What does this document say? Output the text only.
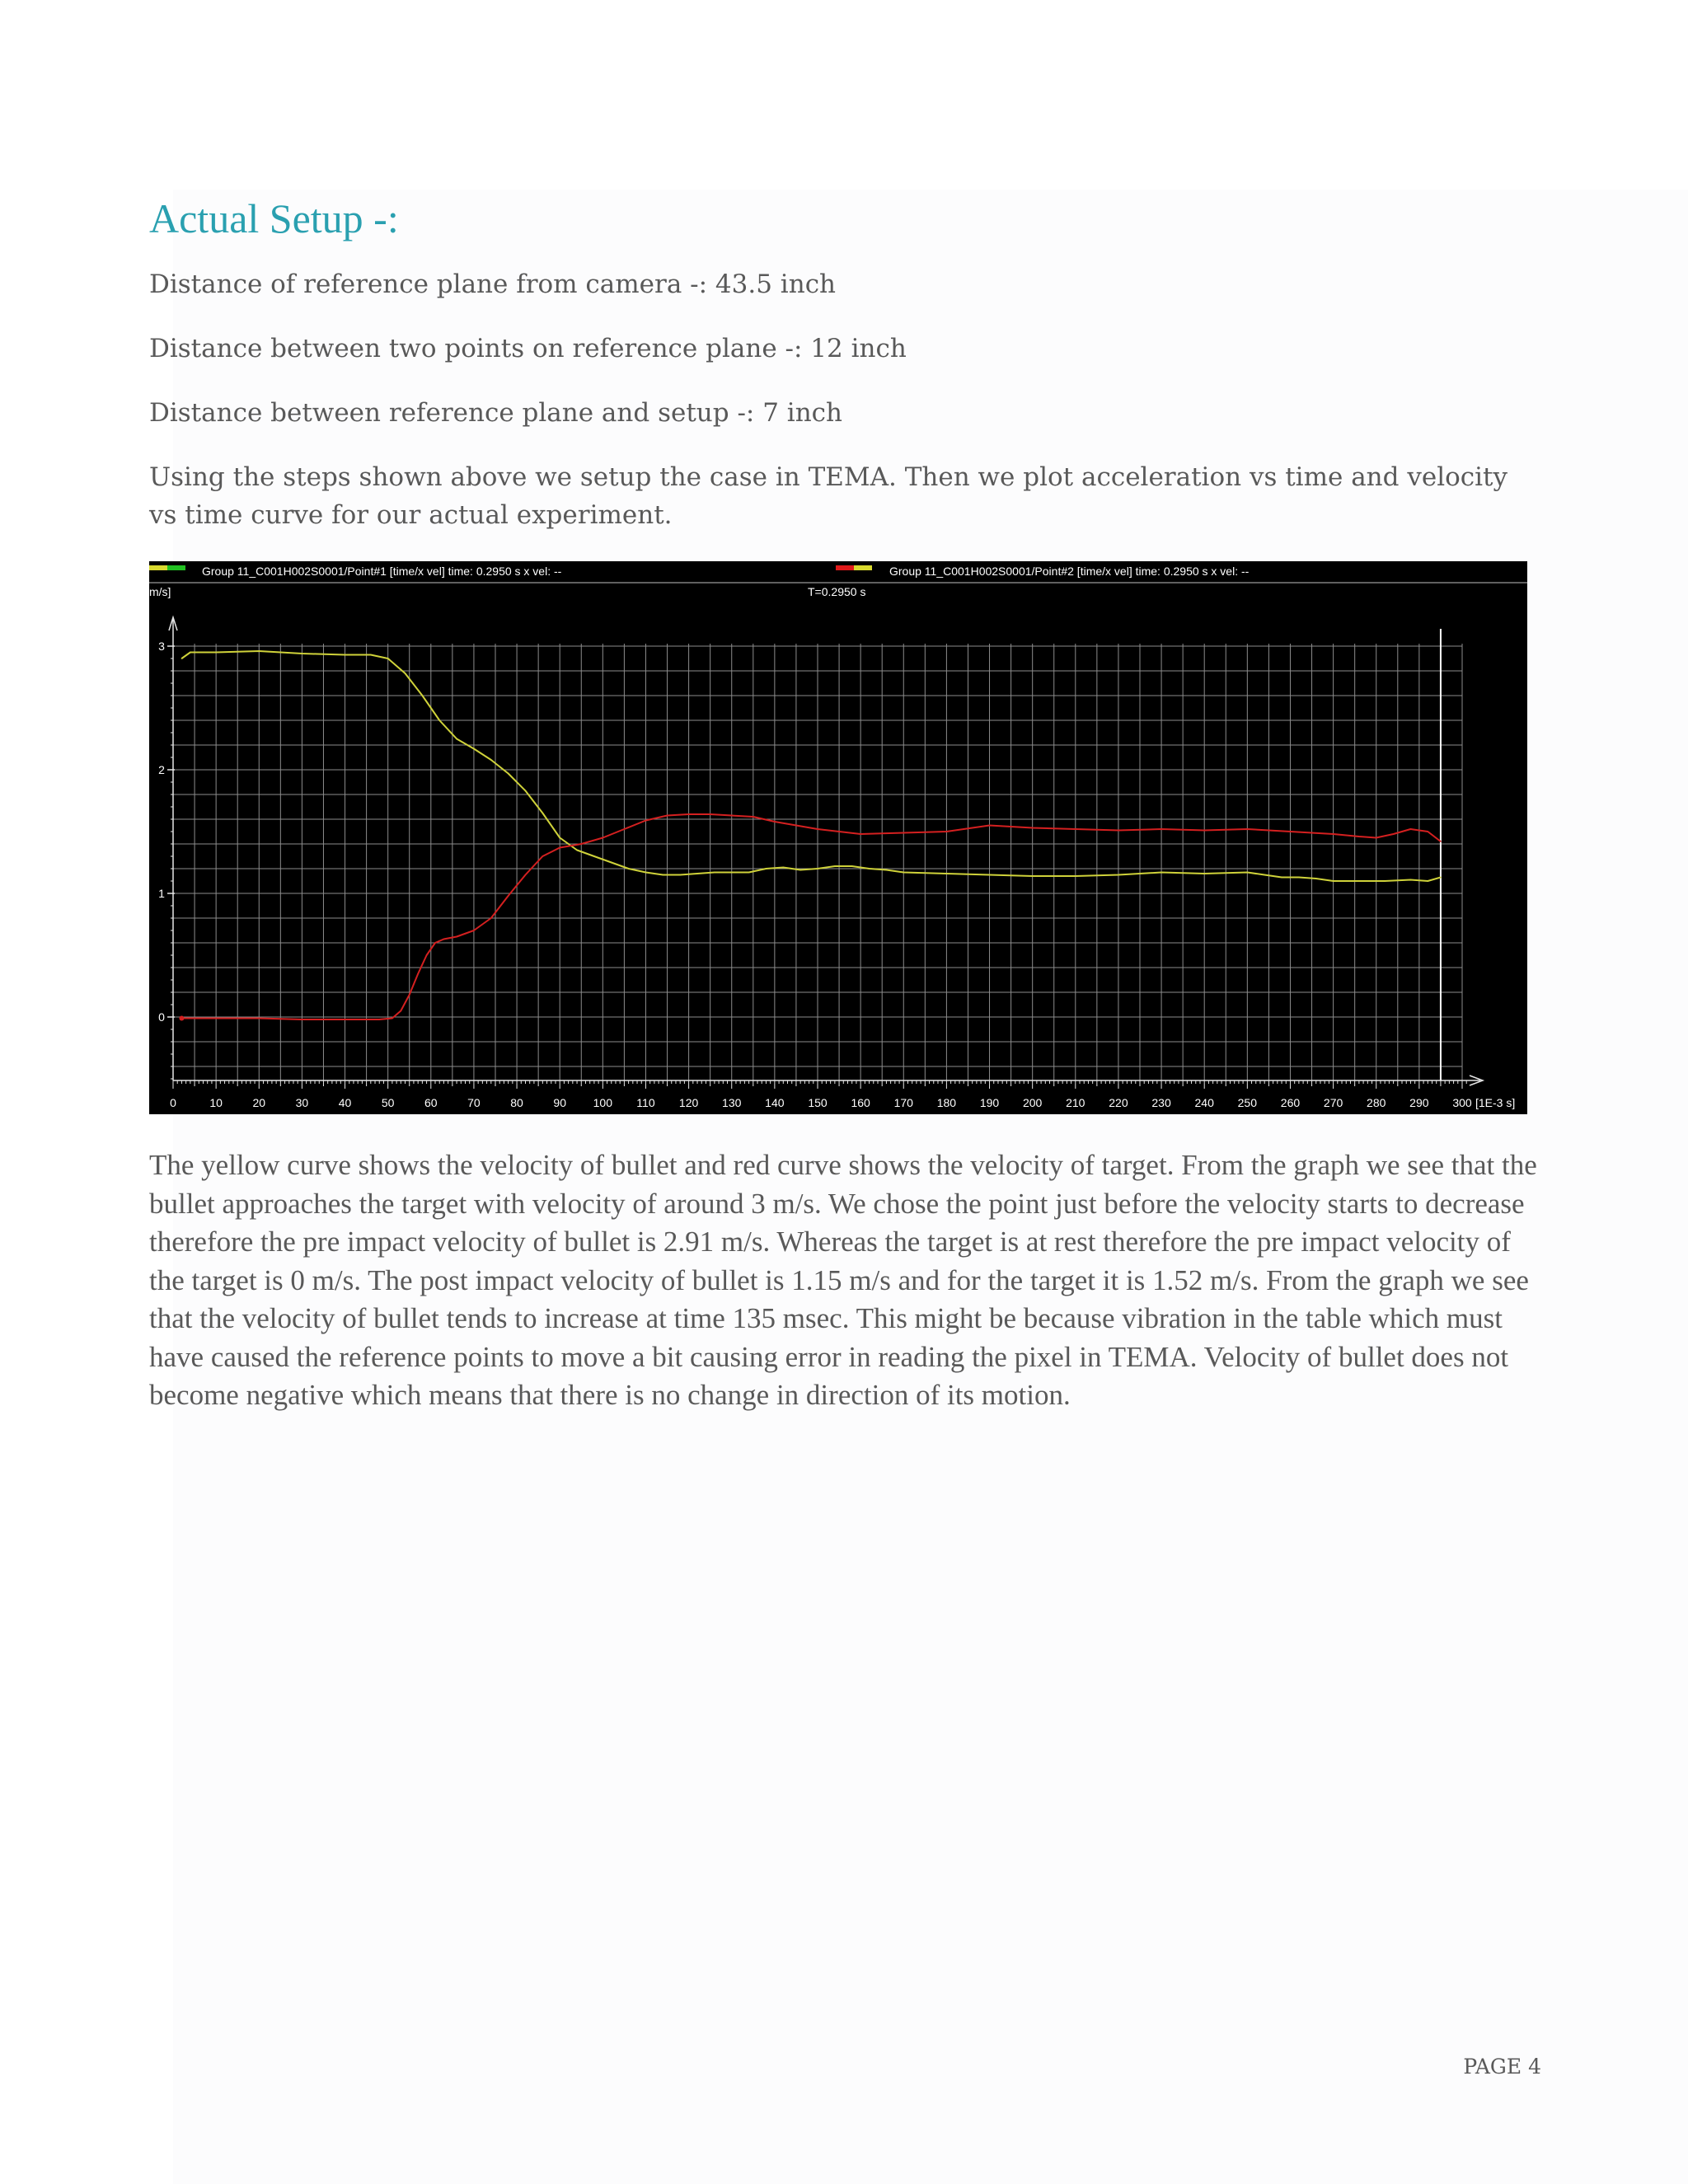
Actual Setup -:

Distance of reference plane from camera -: 43.5 inch

Distance between two points on reference plane -: 12 inch

Distance between reference plane and setup -: 7 inch

Using the steps shown above we setup the case in TEMA. Then we plot acceleration vs time and velocity vs time curve for our actual experiment.

Group 11_C001H002S0001/Point#1 [time/x vel] time: 0.2950 s x vel: --	Group 11_C001H002S0001/Point#2 [time/x vel] time: 0.2950 s x vel: --
m/s]	T=0.2950 s
0
1
2
3
0	10	20	30	40	50	60	70	80	90 100 110 120 130 140 150 160 170 180 190 200 210 220 230 240 250 260 270 280 290 300 [1E-3 s]

The yellow curve shows the velocity of bullet and red curve shows the velocity of target. From the graph we see that the bullet approaches the target with velocity of around 3 m/s. We chose the point just before the velocity starts to decrease therefore the pre impact velocity of bullet is 2.91 m/s. Whereas the target is at rest therefore the pre impact velocity of the target is 0 m/s. The post impact velocity of bullet is 1.15 m/s and for the target it is 1.52 m/s. From the graph we see that the velocity of bullet tends to increase at time 135 msec. This might be because vibration in the table which must have caused the reference points to move a bit causing error in reading the pixel in TEMA. Velocity of bullet does not become negative which means that there is no change in direction of its motion.

PAGE 4
